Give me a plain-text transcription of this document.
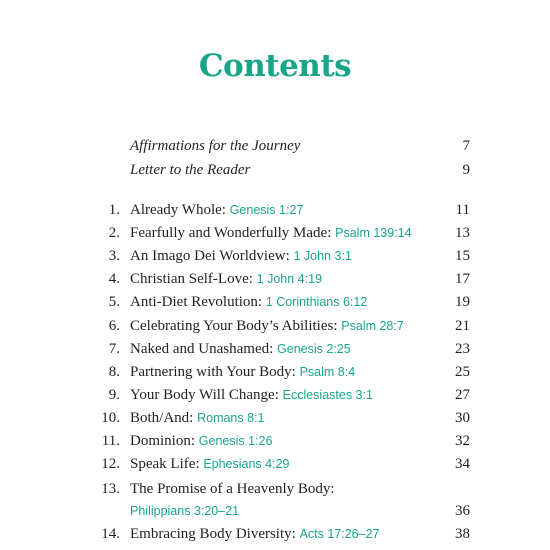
Contents
Affirmations for the Journey	7
Letter to the Reader	9
1. Already Whole: Genesis 1:27	11
2. Fearfully and Wonderfully Made: Psalm 139:14	13
3. An Imago Dei Worldview: 1 John 3:1	15
4. Christian Self-Love: 1 John 4:19	17
5. Anti-Diet Revolution: 1 Corinthians 6:12	19
6. Celebrating Your Body’s Abilities: Psalm 28:7	21
7. Naked and Unashamed: Genesis 2:25	23
8. Partnering with Your Body: Psalm 8:4	25
9. Your Body Will Change: Ecclesiastes 3:1	27
10. Both/And: Romans 8:1	30
11. Dominion: Genesis 1:26	32
12. Speak Life: Ephesians 4:29	34
13. The Promise of a Heavenly Body:
Philippians 3:20–21	36
14. Embracing Body Diversity: Acts 17:26–27	38
